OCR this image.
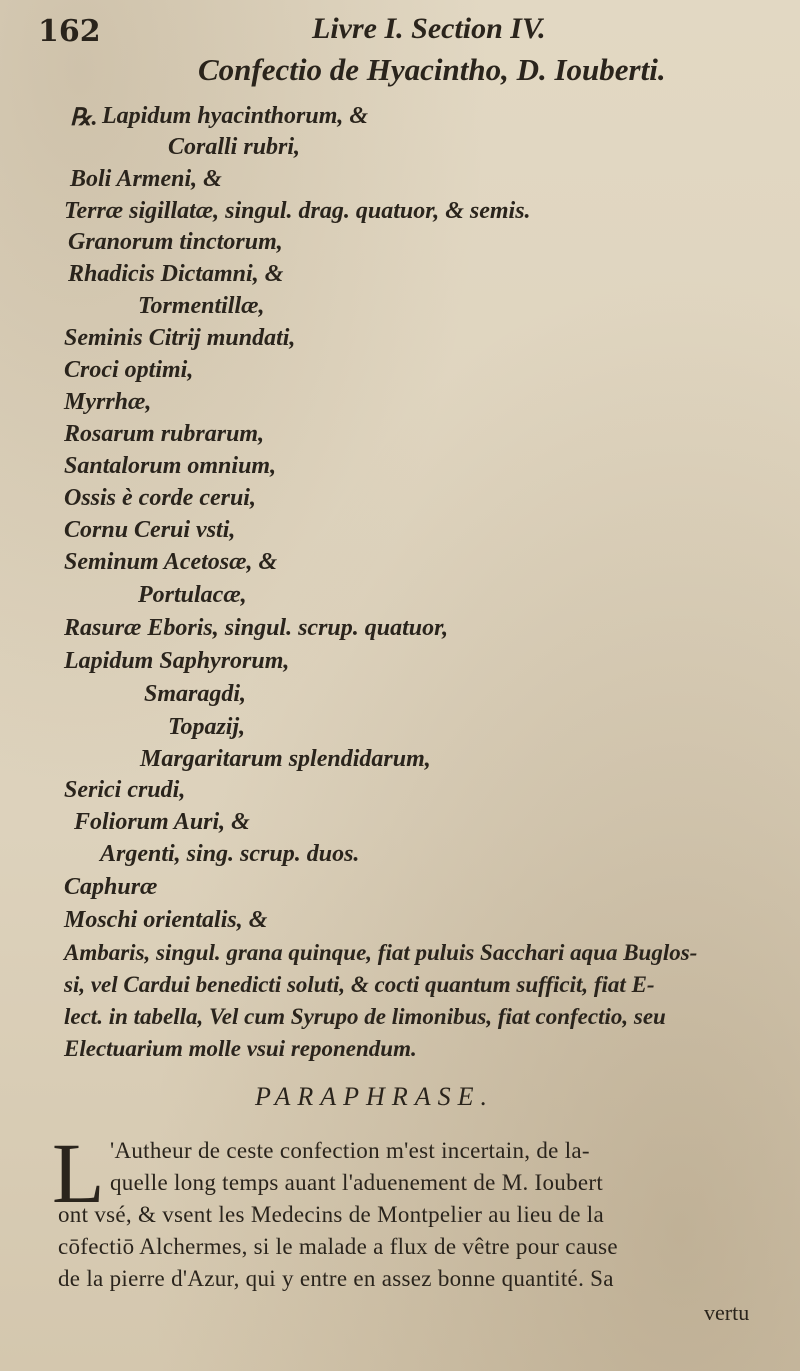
162	Livre I. Section IV.
Confectio de Hyacintho, D. Iouberti.
℞. Lapidum hyacinthorum, &
Coralli rubri,
Boli Armeni, &
Terræ sigillatæ, singul. drag. quatuor, & semis.
Granorum tinctorum,
Rhadicis Dictamni, &
Tormentillæ,
Seminis Citrij mundati,
Croci optimi,
Myrrhæ,
Rosarum rubrarum,
Santalorum omnium,
Ossis è corde cerui,
Cornu Cerui vsti,
Seminum Acetosæ, &
Portulacæ,
Rasuræ Eboris, singul. scrup. quatuor,
Lapidum Saphyrorum,
Smaragdi,
Topazij,
Margaritarum splendidarum,
Serici crudi,
Foliorum Auri, &
Argenti, sing. scrup. duos.
Caphuræ
Moschi orientalis, &
Ambaris, singul. grana quinque, fiat puluis Sacchari aqua Buglos-
si, vel Cardui benedicti soluti, & cocti quantum sufficit, fiat E-
lect. in tabella, Vel cum Syrupo de limonibus, fiat confectio, seu
Electuarium molle vsui reponendum.
PARAPHRASE.
L 'Autheur de ceste confection m'est incertain, de la-
quelle long temps auant l'aduenement de M. Ioubert
ont vsé, & vsent les Medecins de Montpelier au lieu de la
cōfectiō Alchermes, si le malade a flux de vêtre pour cause
de la pierre d'Azur, qui y entre en assez bonne quantité. Sa
vertu
